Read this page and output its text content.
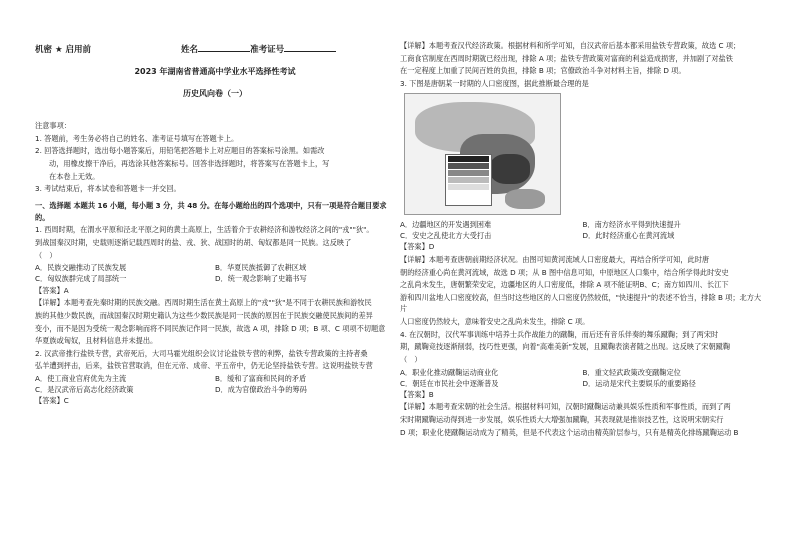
机密 ★ 启用前	姓名	准考证号
2023 年湖南省普通高中学业水平选择性考试
历史风向卷（一）

注意事项：

1. 答题前，考生务必将自己的姓名、准考证号填写在答题卡上。

2. 回答选择题时，选出每小题答案后，用铅笔把答题卡上对应题目的答案标号涂黑。如需改

动，用橡皮擦干净后，再选涂其他答案标号。回答非选择题时，将答案写在答题卡上，写

在本卷上无效。

3. 考试结束后，将本试卷和答题卡一并交回。

一、选择题 本题共 16 小题，每小题 3 分，共 48 分。在每小题给出的四个选项中，只有一项是符合题目要求的。

1. 西周时期，在渭水平原和泾北平原之间的黄土高原上，生活着介于农耕经济和游牧经济之间的"戎""狄"。

到战国秦汉时期，史载则逐渐记载西周时的盐、戎、狄、战国时的胡、匈奴都是同一民族。这反映了

（　）

A．民族交融推动了民族发展	B．华夏民族抵御了农耕区域
C．匈奴族群完成了局部统一	D．统一观念影响了史籍书写

【答案】A

【详解】本题考查先秦时期的民族交融。西周时期生活在黄土高原上的"戎""狄"是不同于农耕民族和游牧民

族的其他少数民族，而战国秦汉时期史籍认为这些少数民族是同一民族的原因在于民族交融使民族间的差异

变小，而不是因为受统一观念影响而将不同民族记作同一民族，故选 A 项，排除 D 项；B 项、C 项项不切题意

华夏族或匈奴，且材料信息并未提出。

2. 汉武帝推行盐铁专营，武帝死后，大司马霍光组织会议讨论盐铁专营的利弊，盐铁专营政策的主持者桑

弘羊遭到抨击，后来，盐铁官营取消，但在元帝、成帝、平五帝中，仍无论坚持盐铁专营。这说明盐铁专营

A．使工商业官府优先为主流	B．缓和了富商和民间的矛盾
C．是汉武帝后高志化经济政策	D．成为官僚政治斗争的筹码

【答案】C

【详解】本题考查汉代经济政策。根据材料和所学可知，自汉武帝后基本都采用盐铁专营政策，故选 C 项；

工商食官制度在西周时期就已经出现，排除 A 项；盐铁专营政策对富商的利益造成损害，并加剧了对盐铁

在一定程度上加重了民间百姓的负担，排除 B 项；官僚政治斗争对材料主旨，排除 D 项。

3. 下图是唐朝某一时期的人口密度图，据此推断最合理的是

A．边疆地区的开发遇到困难	B．南方经济水平得到快速提升
C．安史之乱使北方大受打击	D．此时经济重心在黄河流域

【答案】D

【详解】本题考查唐朝前期经济状况。由图可知黄河流域人口密度最大，再结合所学可知，此时唐

朝的经济重心尚在黄河流域，故选 D 项；从 B 图中信息可知，中原地区人口集中，结合所学得此时安史

之乱尚未发生，唐朝繁荣安定，边疆地区的人口密度低，排除 A 项不能证明B、C；南方如四川、长江下

游和四川盆地人口密度较高，但当时这些地区的人口密度仍然较低，"快速提升"的表述不恰当，排除 B 项；北方大片

人口密度仍然较大，意味着安史之乱尚未发生，排除 C 项。

4. 在汉朝时，汉代军事训练中培养士兵作战能力的蹴鞠，而后还有音乐伴奏的舞乐蹴鞠；到了两宋时

期，蹴鞠竞技逐渐削弱，技巧性更强，向着"高难美新"发展，且蹴鞠表演者随之出现。这反映了宋朝蹴鞠

（　）

A．职业化推动蹴鞠运动商业化	B．重文轻武政策改变蹴鞠定位
C．朝廷在市民社会中逐渐普及	D．运动是宋代主要娱乐的重要路径

【答案】B

【详解】本题考查宋朝的社会生活。根据材料可知，汉朝时蹴鞠运动兼具娱乐性质和军事性质，而到了两

宋时期蹴鞠运动得到进一步发展，娱乐性质大大增强加蹴鞠，其表现就是推崇技艺性，这说明宋朝实行

D 项；职业化使蹴鞠运动成为了精英，但是不代表这个运动由精英阶层参与，只有是精英化排练蹴鞠运动 B
